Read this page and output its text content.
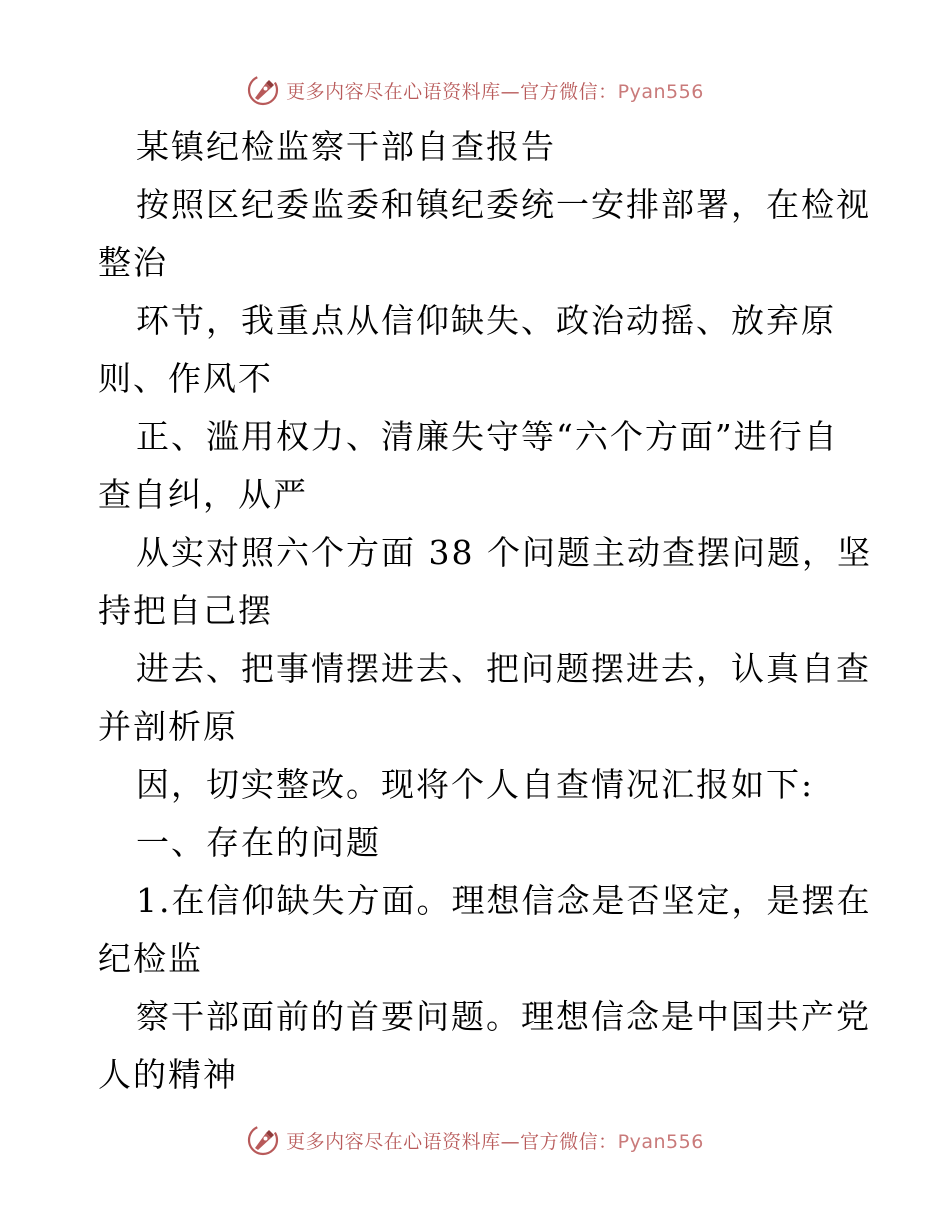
更多内容尽在心语资料库—官方微信：Pyan556
某镇纪检监察干部自查报告
按照区纪委监委和镇纪委统一安排部署，在检视
整治
环节，我重点从信仰缺失、政治动摇、放弃原
则、作风不
正、滥用权力、清廉失守等“六个方面”进行自
查自纠，从严
从实对照六个方面 38 个问题主动查摆问题，坚
持把自己摆
进去、把事情摆进去、把问题摆进去，认真自查
并剖析原
因，切实整改。现将个人自查情况汇报如下:
一、存在的问题
1.在信仰缺失方面。理想信念是否坚定，是摆在
纪检监
察干部面前的首要问题。理想信念是中国共产党
人的精神
更多内容尽在心语资料库—官方微信：Pyan556
